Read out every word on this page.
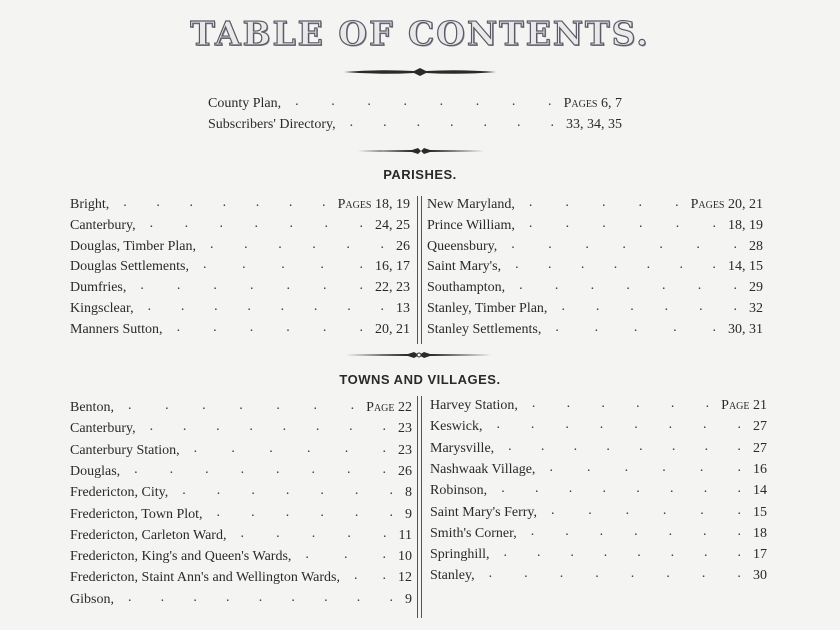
TABLE OF CONTENTS.
County Plan,	Pages 6, 7
. . . . . . . .
Subscribers' Directory,	33, 34, 35
. . . . . . .
PARISHES.
Bright,	Pages 18, 19
. . . . . . .
Canterbury,	24, 25
. . . . . . .
Douglas, Timber Plan,	26
. . . . . .
Douglas Settlements,	16, 17
.	.	.	.	.
Dumfries,	22, 23
. . . . . . .
Kingsclear,	13
. . . . . . . .
Manners Sutton,	20, 21
. . . . . .
New Maryland,	Pages 20, 21
. . . . .
Prince William,	18, 19
. . . . . .
Queensbury,	28
. . . . . . .
Saint Mary's,	14, 15
. . . . . . .
Southampton,	29
. . . . . . .
Stanley, Timber Plan,	32
. . . . . .
Stanley Settlements,	30, 31
.	.	.	.	.
TOWNS AND VILLAGES.
Benton,	Page 22
. . . . . . .
Canterbury,	23
. . . . . . . .
Canterbury Station,	23
. . . . . .
Douglas,	26
. . . . . . . .
Fredericton, City,	8
. . . . . . .
Fredericton, Town Plot,	9
. . . . . .
Fredericton, Carleton Ward,	11
. . . . .
Fredericton, King's and Queen's Wards,	10
.	.	.
Fredericton, Staint Ann's and Wellington Wards,	12
. .
Gibson,	9
. . . . . . . . .
Harvey Station,	Page 21
. . . . . .
Keswick,	27
. . . . . . . .
Marysville,	27
. . . . . . . .
Nashwaak Village,	16
. . . . . .
Robinson,	14
. . . . . . . .
Saint Mary's Ferry,	15
. . . . . .
Smith's Corner,	18
. . . . . . .
Springhill,	17
. . . . . . . .
Stanley,	30
. . . . . . . .
